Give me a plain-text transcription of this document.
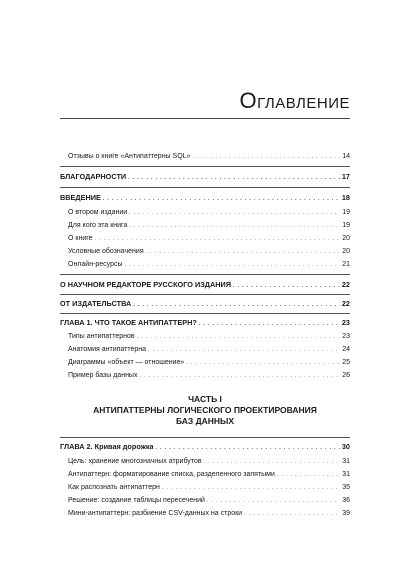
Оглавление
Отзывы о книге «Антипаттерны SQL» . . .	14
БЛАГОДАРНОСТИ . . .	17
ВВЕДЕНИЕ . . .	18
О втором издании . . .	19
Для кого эта книга . . .	19
О книге . . .	20
Условные обозначения . . .	20
Онлайн-ресурсы . . .	21
О НАУЧНОМ РЕДАКТОРЕ РУССКОГО ИЗДАНИЯ . . .	22
ОТ ИЗДАТЕЛЬСТВА . . .	22
ГЛАВА 1. ЧТО ТАКОЕ АНТИПАТТЕРН? . . .	23
Типы антипаттернов . . .	23
Анатомия антипаттерна . . .	24
Диаграммы «объект — отношение» . . .	25
Пример базы данных . . .	26
ЧАСТЬ I
АНТИПАТТЕРНЫ ЛОГИЧЕСКОГО ПРОЕКТИРОВАНИЯ
БАЗ ДАННЫХ
ГЛАВА 2. Кривая дорожка . . .	30
Цель: хранение многозначных атрибутов . . .	31
Антипаттерн: форматирование списка, разделенного запятыми . . .	31
Как распознать антипаттерн . . .	35
Решение: создание таблицы пересечений . . .	36
Мини-антипаттерн: разбиение CSV-данных на строки . . .	39
